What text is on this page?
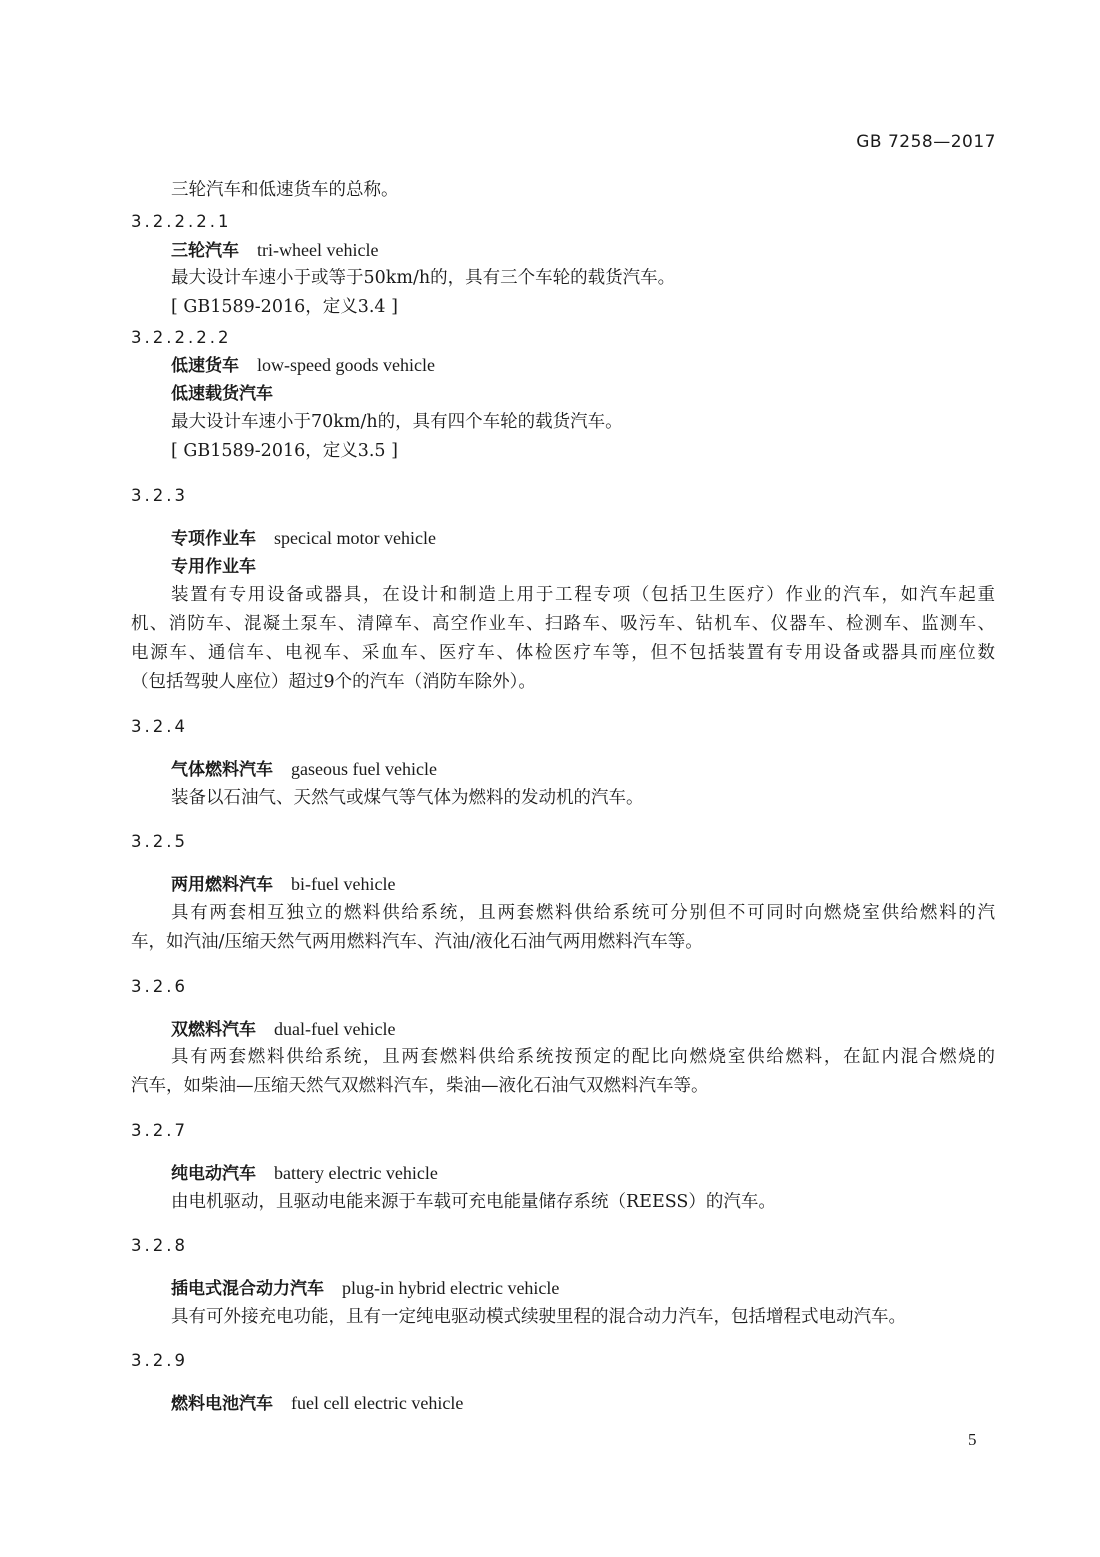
GB 7258—2017
三轮汽车和低速货车的总称。
3.2.2.2.1
三轮汽车 tri-wheel vehicle
最大设计车速小于或等于50km/h的，具有三个车轮的载货汽车。
[ GB1589-2016，定义3.4 ]
3.2.2.2.2
低速货车 low-speed goods vehicle
低速载货汽车
最大设计车速小于70km/h的，具有四个车轮的载货汽车。
[ GB1589-2016，定义3.5 ]
3.2.3
专项作业车 specical motor vehicle
专用作业车
装置有专用设备或器具，在设计和制造上用于工程专项（包括卫生医疗）作业的汽车，如汽车起重
机、消防车、混凝土泵车、清障车、高空作业车、扫路车、吸污车、钻机车、仪器车、检测车、监测车、
电源车、通信车、电视车、采血车、医疗车、体检医疗车等，但不包括装置有专用设备或器具而座位数
（包括驾驶人座位）超过9个的汽车（消防车除外）。
3.2.4
气体燃料汽车 gaseous fuel vehicle
装备以石油气、天然气或煤气等气体为燃料的发动机的汽车。
3.2.5
两用燃料汽车 bi-fuel vehicle
具有两套相互独立的燃料供给系统，且两套燃料供给系统可分别但不可同时向燃烧室供给燃料的汽
车，如汽油/压缩天然气两用燃料汽车、汽油/液化石油气两用燃料汽车等。
3.2.6
双燃料汽车 dual-fuel vehicle
具有两套燃料供给系统，且两套燃料供给系统按预定的配比向燃烧室供给燃料，在缸内混合燃烧的
汽车，如柴油—压缩天然气双燃料汽车，柴油—液化石油气双燃料汽车等。
3.2.7
纯电动汽车 battery electric vehicle
由电机驱动，且驱动电能来源于车载可充电能量储存系统（REESS）的汽车。
3.2.8
插电式混合动力汽车 plug-in hybrid electric vehicle
具有可外接充电功能，且有一定纯电驱动模式续驶里程的混合动力汽车，包括增程式电动汽车。
3.2.9
燃料电池汽车 fuel cell electric vehicle
5
